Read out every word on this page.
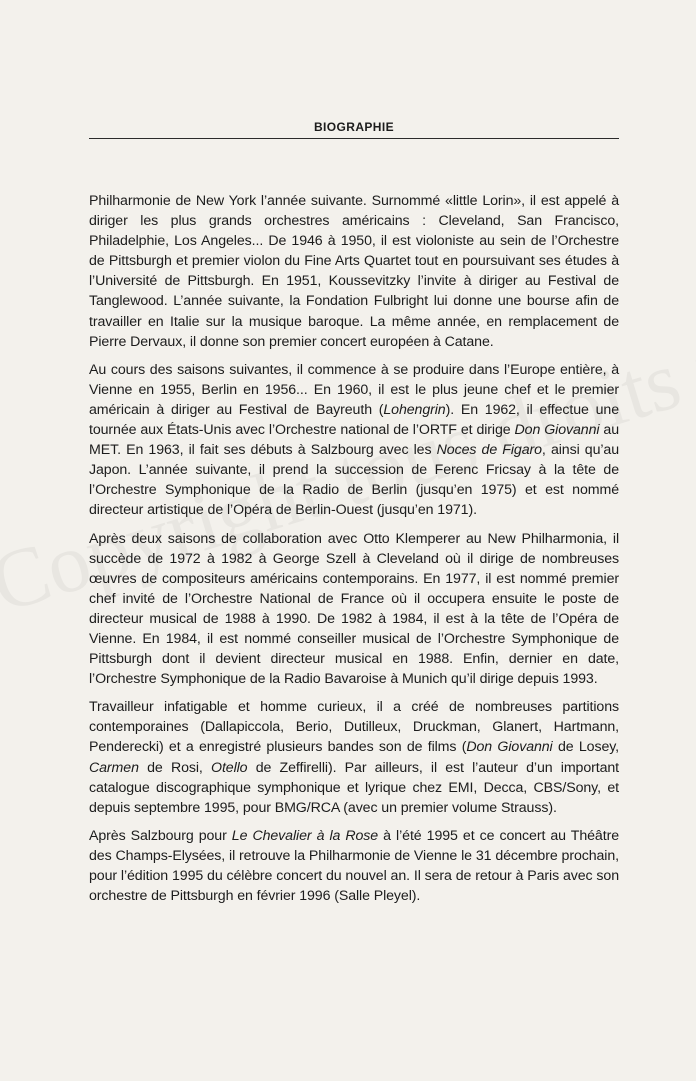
BIOGRAPHIE

Philharmonie de New York l’année suivante. Surnommé «little Lorin», il est appelé à diriger les plus grands orchestres américains : Cleveland, San Francisco, Philadelphie, Los Angeles... De 1946 à 1950, il est violoniste au sein de l’Orchestre de Pittsburgh et premier violon du Fine Arts Quartet tout en poursuivant ses études à l’Université de Pittsburgh. En 1951, Koussevitzky l’invite à diriger au Festival de Tanglewood. L’année suivante, la Fondation Fulbright lui donne une bourse afin de travailler en Italie sur la musique baroque. La même année, en remplacement de Pierre Dervaux, il donne son premier concert européen à Catane.

Au cours des saisons suivantes, il commence à se produire dans l’Europe entière, à Vienne en 1955, Berlin en 1956... En 1960, il est le plus jeune chef et le premier américain à diriger au Festival de Bayreuth (Lohengrin). En 1962, il effectue une tournée aux États-Unis avec l’Orchestre national de l’ORTF et dirige Don Giovanni au MET. En 1963, il fait ses débuts à Salzbourg avec les Noces de Figaro, ainsi qu’au Japon. L’année suivante, il prend la succession de Ferenc Fricsay à la tête de l’Orchestre Symphonique de la Radio de Berlin (jusqu’en 1975) et est nommé directeur artistique de l’Opéra de Berlin-Ouest (jusqu’en 1971).

Après deux saisons de collaboration avec Otto Klemperer au New Philharmonia, il succède de 1972 à 1982 à George Szell à Cleveland où il dirige de nombreuses œuvres de compositeurs américains contemporains. En 1977, il est nommé premier chef invité de l’Orchestre National de France où il occupera ensuite le poste de directeur musical de 1988 à 1990. De 1982 à 1984, il est à la tête de l’Opéra de Vienne. En 1984, il est nommé conseiller musical de l’Orchestre Symphonique de Pittsburgh dont il devient directeur musical en 1988. Enfin, dernier en date, l’Orchestre Symphonique de la Radio Bavaroise à Munich qu’il dirige depuis 1993.

Travailleur infatigable et homme curieux, il a créé de nombreuses partitions contemporaines (Dallapiccola, Berio, Dutilleux, Druckman, Glanert, Hartmann, Penderecki) et a enregistré plusieurs bandes son de films (Don Giovanni de Losey, Carmen de Rosi, Otello de Zeffirelli). Par ailleurs, il est l’auteur d’un important catalogue discographique symphonique et lyrique chez EMI, Decca, CBS/Sony, et depuis septembre 1995, pour BMG/RCA (avec un premier volume Strauss).

Après Salzbourg pour Le Chevalier à la Rose à l’été 1995 et ce concert au Théâtre des Champs-Elysées, il retrouve la Philharmonie de Vienne le 31 décembre prochain, pour l’édition 1995 du célèbre concert du nouvel an. Il sera de retour à Paris avec son orchestre de Pittsburgh en février 1996 (Salle Pleyel).
